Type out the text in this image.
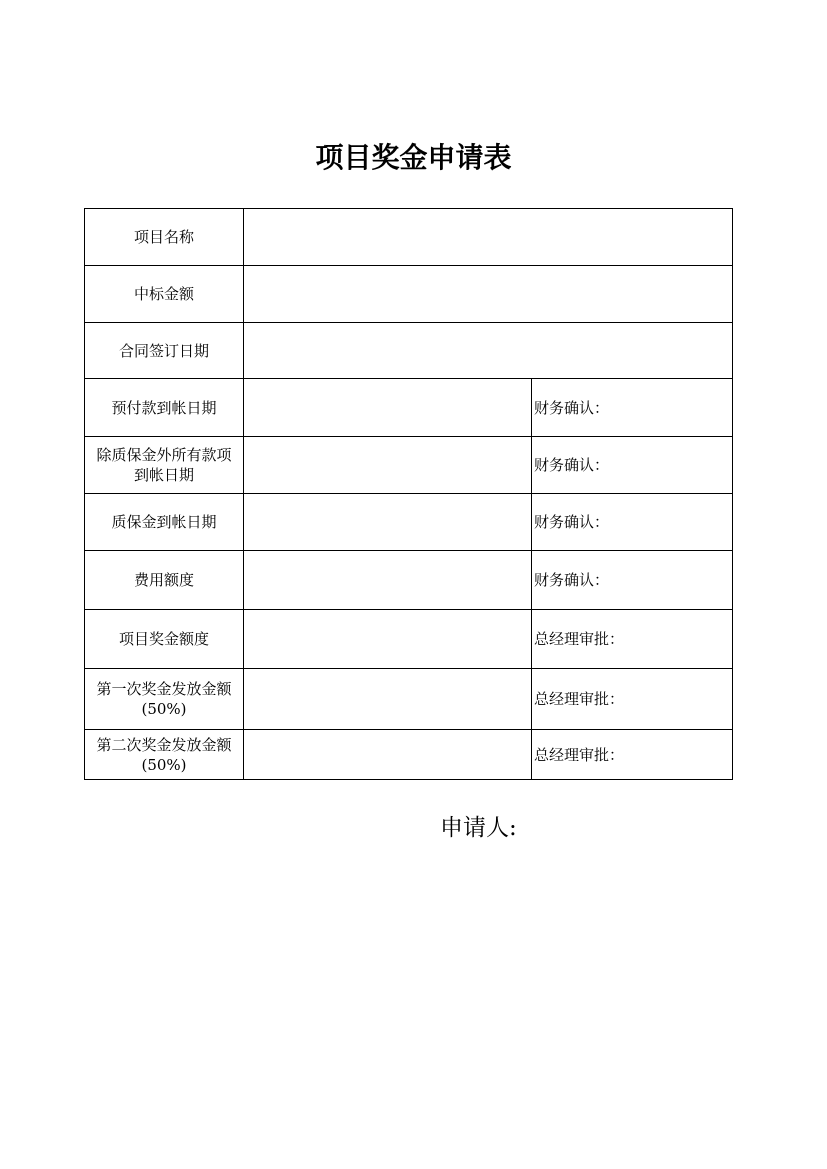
项目奖金申请表
项目名称		
中标金额		
合同签订日期		
预付款到帐日期		财务确认：
除质保金外所有款项
到帐日期		财务确认：
质保金到帐日期		财务确认：
费用额度		财务确认：
项目奖金额度		总经理审批：
第一次奖金发放金额
(50%)		总经理审批：
第二次奖金发放金额
(50%)		总经理审批：
申请人:
